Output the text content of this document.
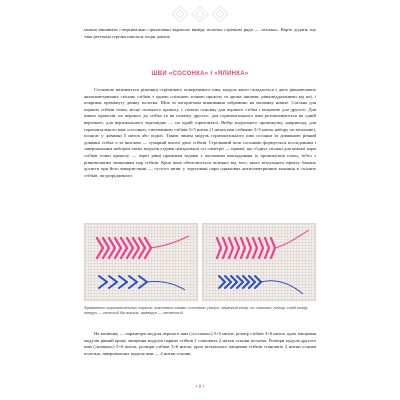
можна вишивати і вертикально орієнтовані відносно виміру полотна стрічкові ряди — «віськи». Варто додати, що така ретельна стрічка шиється згори донизу.

ШВИ «СОСОНКА» І «ЯЛИНКА»

Сосновою називається різновид стрічкового поверхневого шва, модуль якого складається з двох рівновеликих антисиметричних скісних стібків з одною спільною точкою проколу та двома іншими, рівновіддаленими від неї, і покриває проміжуту двінку полотна. Шов за алгоритмом вишивання зображено на малюнку нижче. Спільна для перших стібків точка, місце спільного проколу, і, почати основну для першого стібка і кінцевою для другого. Для інших проколів, на першого до стібка та на початку другого, для горизонтального шва розташовуються на одній вертикалі, для вертикального відповідно — на одній горизонталі. Вибір модульного проміжутку, наприклад, для горизонтального шва «сосонка» з величиною стібків 3×5 ниток (1 нитка між стібками 3×5 ниток набору по вітальню), полягає у довжині 5 ниток або поділі. Таким чином модуль горизонтального шва сосонки за довжиною рівний довжині стібка л за витоком — сумарній висоті двох стібків. Стрічковий шов сосонкою формується послідовним і завершальним набором таких модулів уздовж центральної осі симетрії — прямої, що з'єднує спільні для кожної пари стібків точки проколу, — через рівні проміжки вздовж з частковим накладанням їх проміжутків площ, тобто з рівновеликим зміщенням пар стібків. Крок вона обчислюється залежно від того, якого візуального ефекту бажано досягти при його використанні — густого витяг у згруповані пари однакових антисиметричних калинця зі скісних стібків, чи розрідженого.

Фрагменти горизонтальних стрічок, виконаних швами «сосонка» (згори, червоний колір; по «ялинка» (знизу, синій колір): ліворуч — спільний біг-виклик, праворуч — нескінчний.

На малюнку — параметри модуля першого шва («сосонка») 5×5 ниток, розмір стібків 3×6 ниток, крок зміщення модулів рівний кроку зміщення модулів парних стібків 1 становить 2 нитки основи полотна. Розміри модуля другого шва («ялинка») 5×6 ниток, розміри стібків 3×6 ниток, крок кількісного зміщення стібків становить 2 нитки основи полотна, завершальних модуля шва — 4 нитки основи.

• 8 •
